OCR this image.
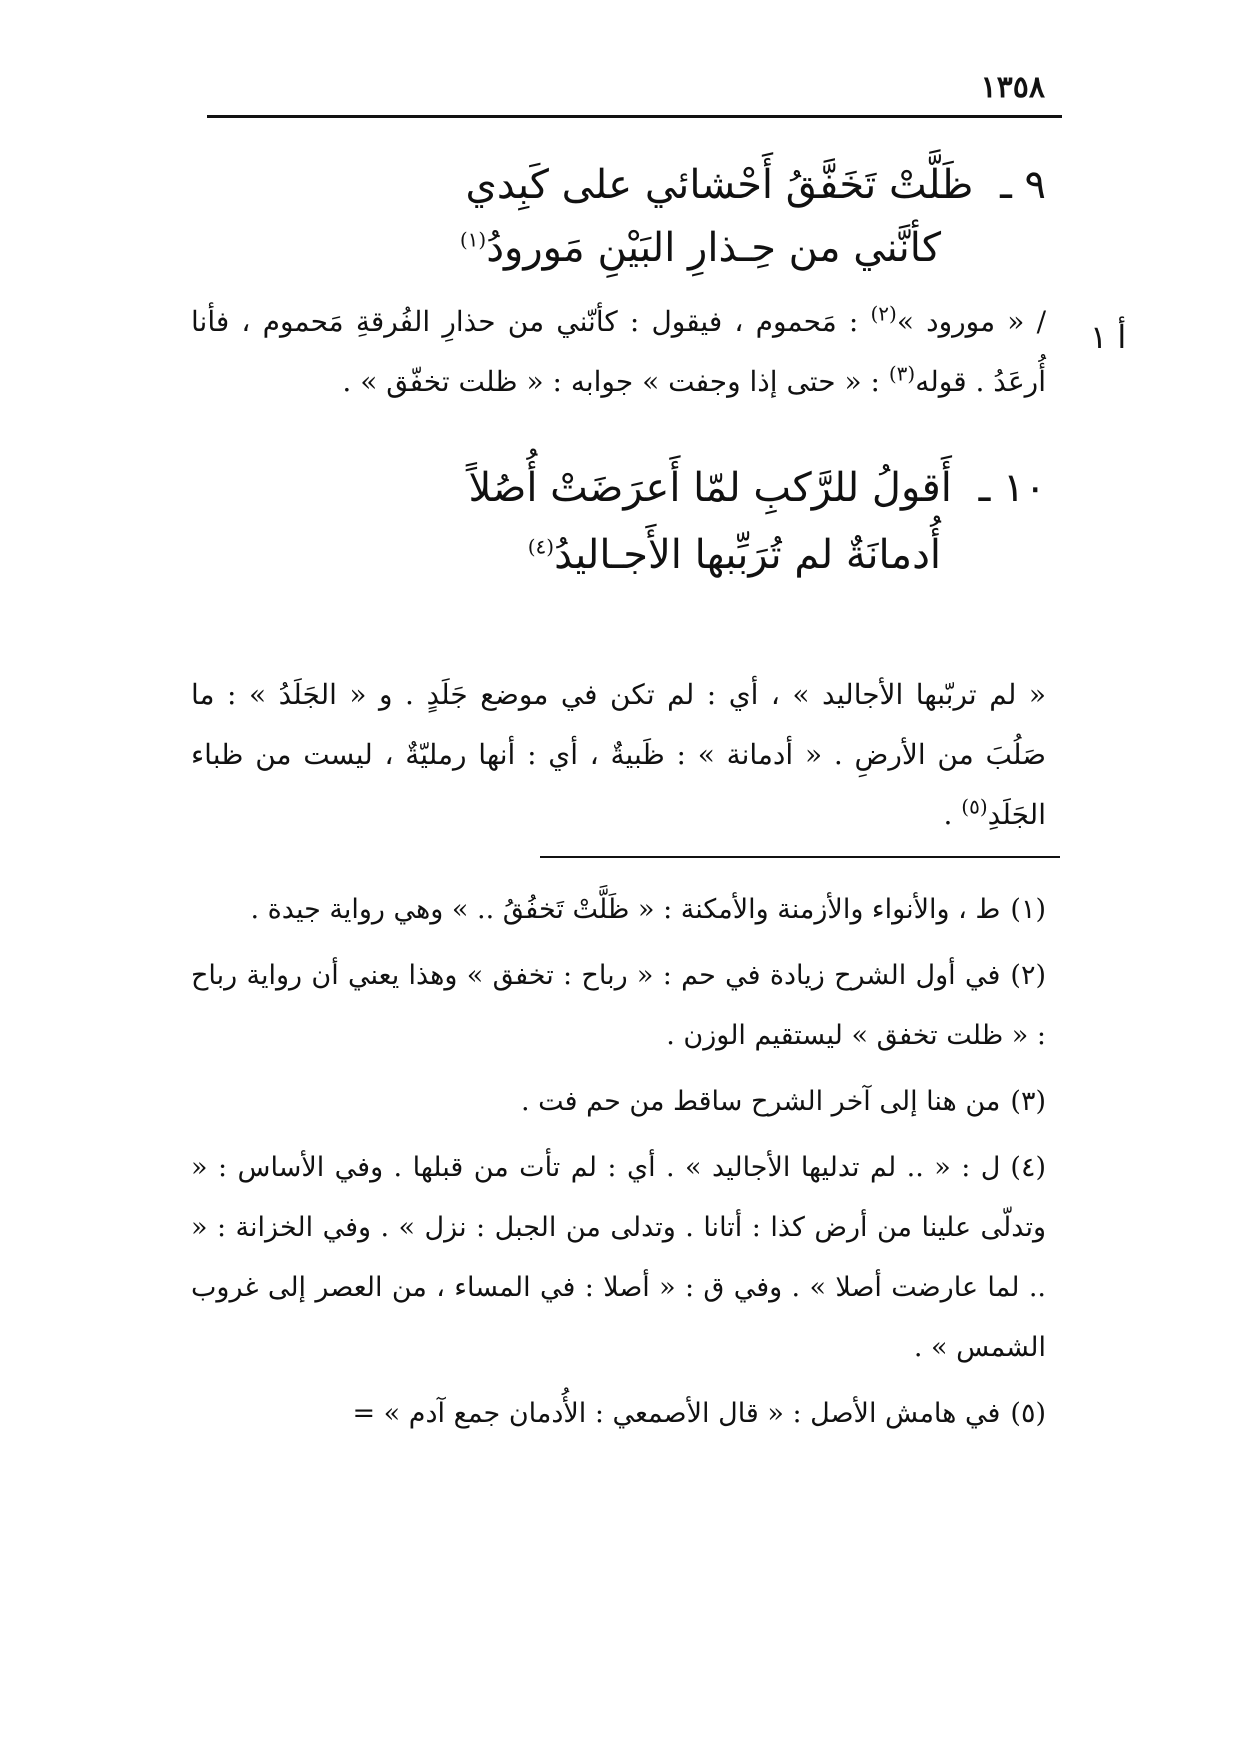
١٣٥٨
أ ١
٩ ـ ظَلَّتْ تَخَفَّقُ أَحْشائي على كَبِدي
كأنَّني من حِـذارِ البَيْنِ مَورودُ$^{(١)}$
/ « مورود »$^{(٢)}$ : مَحموم ، فيقول : كأنّني من حذارِ الفُرقةِ مَحموم ، فأنا أُرعَدُ . قوله$^{(٣)}$ : « حتى إذا وجفت » جوابه : « ظلت تخفّق » .
١٠ ـ أَقولُ للرَّكبِ لمّا أَعرَضَتْ أُصُلاً
أُدمانَةٌ لم تُرَبِّبها الأَجـاليدُ$^{(٤)}$
« لم تربّبها الأجاليد » ، أي : لم تكن في موضع جَلَدٍ . و « الجَلَدُ » : ما صَلُبَ من الأرضِ . « أدمانة » : ظَبيةٌ ، أي : أنها رمليّةٌ ، ليست من ظباء الجَلَدِ$^{(٥)}$ .
(١)ط ، والأنواء والأزمنة والأمكنة : « ظَلَّتْ تَخفُقُ .. » وهي رواية جيدة .
(٢)في أول الشرح زيادة في حم : « رباح : تخفق » وهذا يعني أن رواية رباح : « ظلت تخفق » ليستقيم الوزن .
(٣)من هنا إلى آخر الشرح ساقط من حم فت .
(٤)ل : « .. لم تدليها الأجاليد » . أي : لم تأت من قبلها . وفي الأساس : « وتدلّى علينا من أرض كذا : أتانا . وتدلى من الجبل : نزل » . وفي الخزانة : « .. لما عارضت أصلا » . وفي ق : « أصلا : في المساء ، من العصر إلى غروب الشمس » .
(٥)في هامش الأصل : « قال الأصمعي : الأُدمان جمع آدم » =
